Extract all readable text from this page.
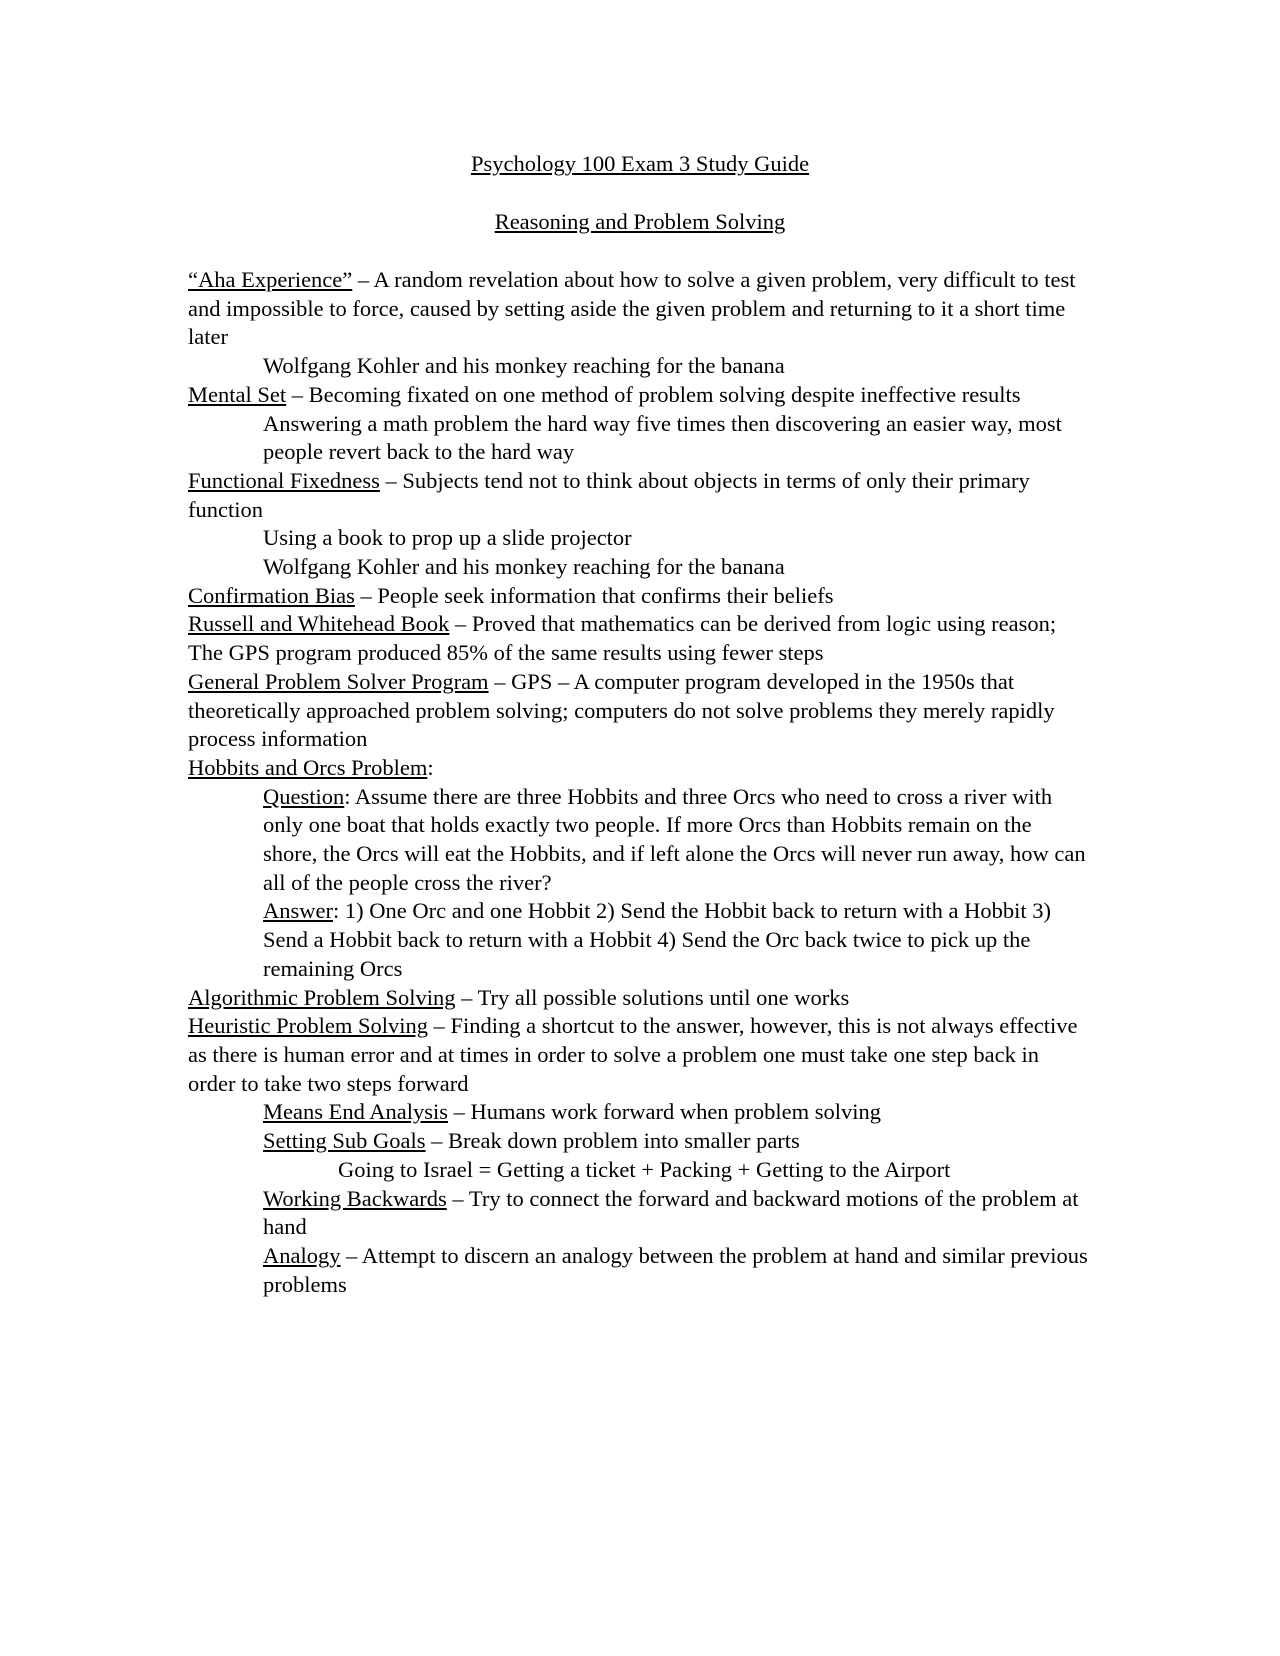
Psychology 100 Exam 3 Study Guide
Reasoning and Problem Solving

“Aha Experience” – A random revelation about how to solve a given problem, very difficult to test and impossible to force, caused by setting aside the given problem and returning to it a short time later

Wolfgang Kohler and his monkey reaching for the banana

Mental Set – Becoming fixated on one method of problem solving despite ineffective results

Answering a math problem the hard way five times then discovering an easier way, most people revert back to the hard way

Functional Fixedness – Subjects tend not to think about objects in terms of only their primary function

Using a book to prop up a slide projector

Wolfgang Kohler and his monkey reaching for the banana

Confirmation Bias – People seek information that confirms their beliefs

Russell and Whitehead Book – Proved that mathematics can be derived from logic using reason; The GPS program produced 85% of the same results using fewer steps

General Problem Solver Program – GPS – A computer program developed in the 1950s that theoretically approached problem solving; computers do not solve problems they merely rapidly process information

Hobbits and Orcs Problem:

Question: Assume there are three Hobbits and three Orcs who need to cross a river with only one boat that holds exactly two people. If more Orcs than Hobbits remain on the shore, the Orcs will eat the Hobbits, and if left alone the Orcs will never run away, how can all of the people cross the river?

Answer: 1) One Orc and one Hobbit 2) Send the Hobbit back to return with a Hobbit 3) Send a Hobbit back to return with a Hobbit 4) Send the Orc back twice to pick up the remaining Orcs

Algorithmic Problem Solving – Try all possible solutions until one works

Heuristic Problem Solving – Finding a shortcut to the answer, however, this is not always effective as there is human error and at times in order to solve a problem one must take one step back in order to take two steps forward

Means End Analysis – Humans work forward when problem solving

Setting Sub Goals – Break down problem into smaller parts

Going to Israel = Getting a ticket + Packing + Getting to the Airport

Working Backwards – Try to connect the forward and backward motions of the problem at hand

Analogy – Attempt to discern an analogy between the problem at hand and similar previous problems
